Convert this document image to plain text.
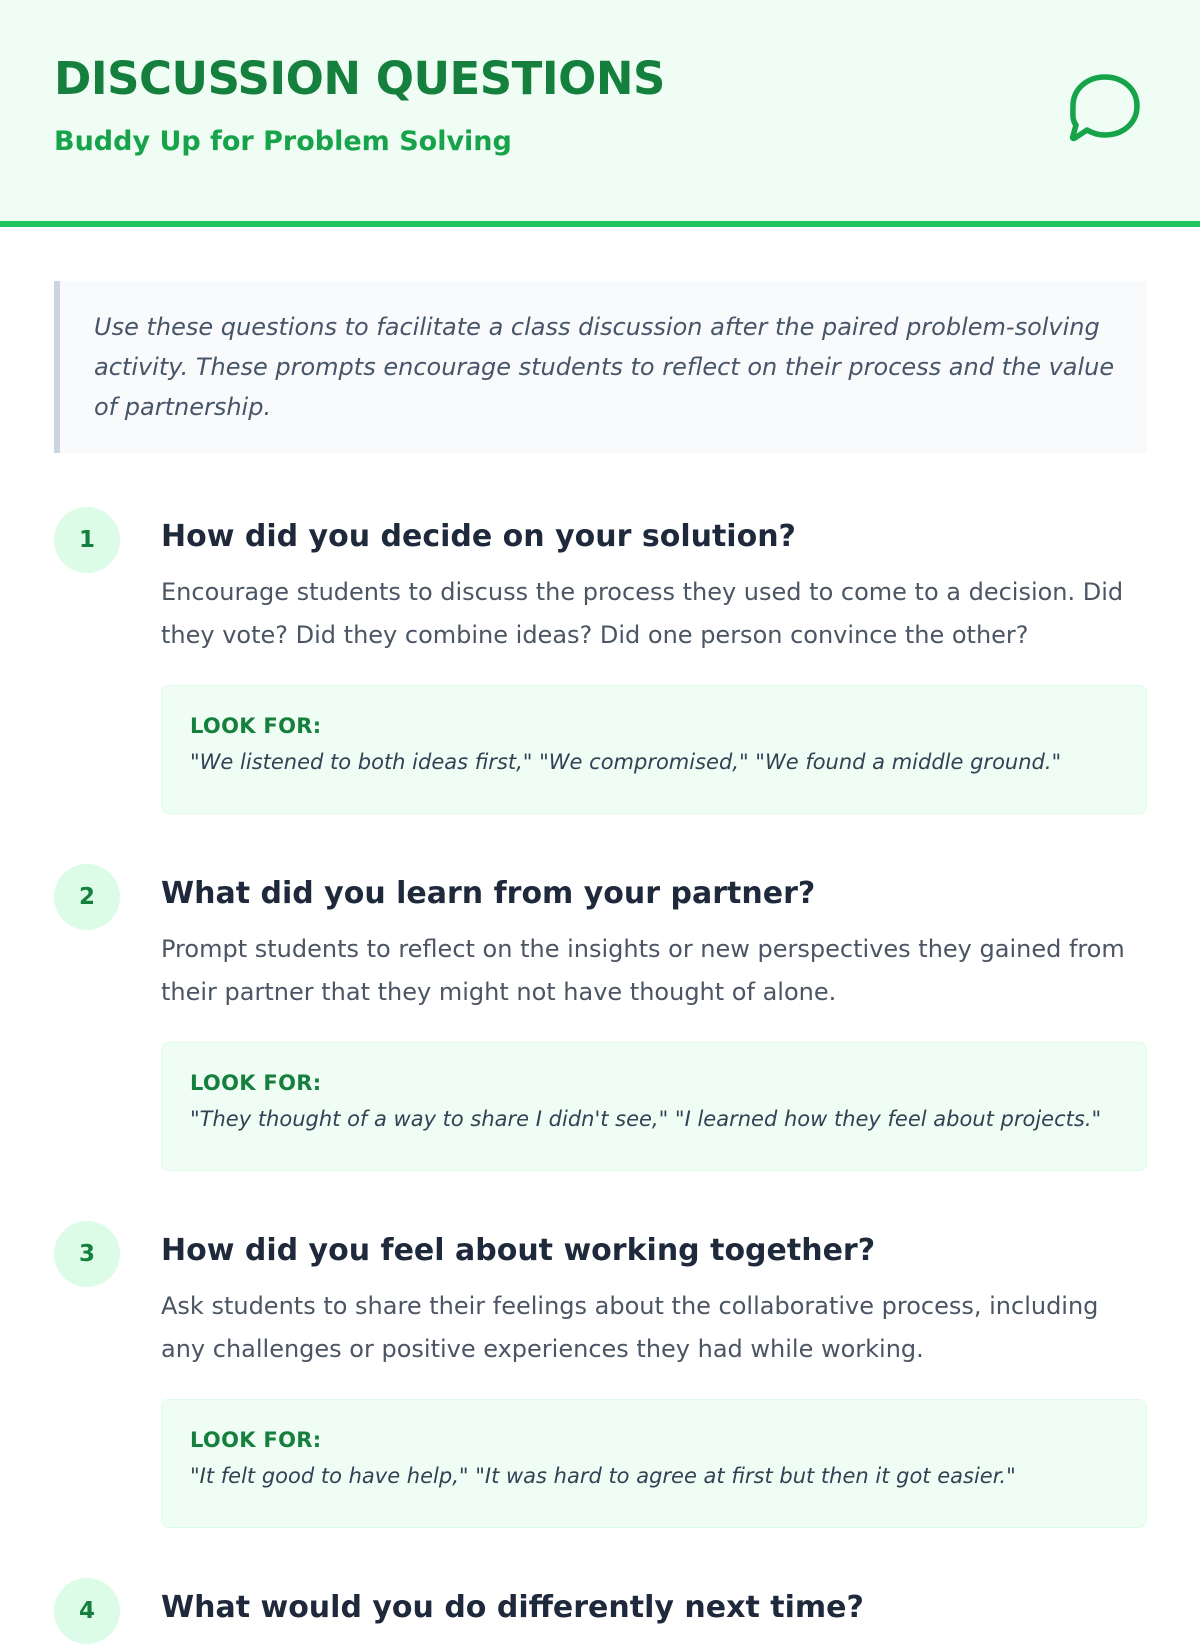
DISCUSSION QUESTIONS
Buddy Up for Problem Solving

Use these questions to facilitate a class discussion after the paired problem-solving activity. These prompts encourage students to reflect on their process and the value of partnership.

1	How did you decide on your solution?

Encourage students to discuss the process they used to come to a decision. Did they vote? Did they combine ideas? Did one person convince the other?

LOOK FOR:
"We listened to both ideas first," "We compromised," "We found a middle ground."
2	What did you learn from your partner?

Prompt students to reflect on the insights or new perspectives they gained from their partner that they might not have thought of alone.

LOOK FOR:
"They thought of a way to share I didn't see," "I learned how they feel about projects."
3	How did you feel about working together?

Ask students to share their feelings about the collaborative process, including any challenges or positive experiences they had while working.

LOOK FOR:
"It felt good to have help," "It was hard to agree at first but then it got easier."
4	What would you do differently next time?
